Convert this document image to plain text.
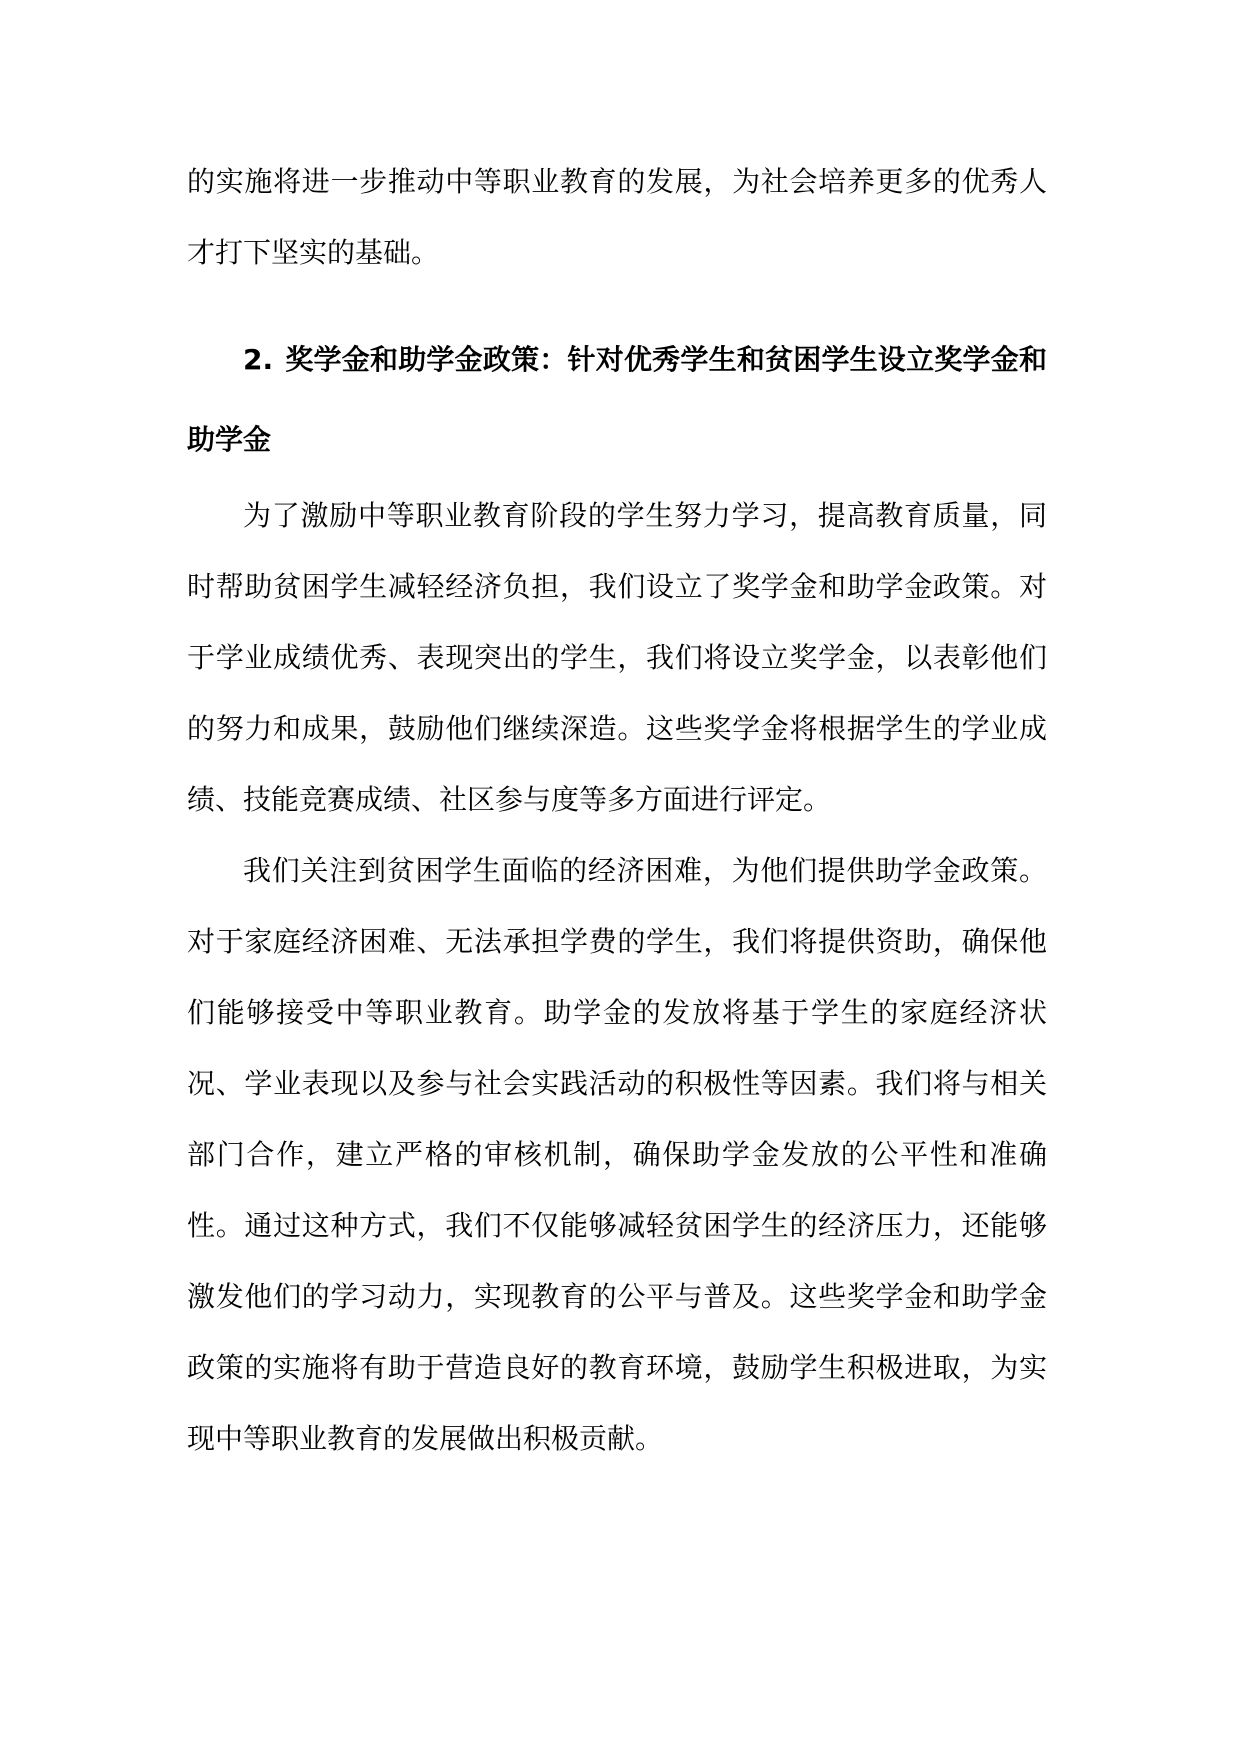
的实施将进一步推动中等职业教育的发展，为社会培养更多的优秀人才打下坚实的基础。

2. 奖学金和助学金政策：针对优秀学生和贫困学生设立奖学金和助学金

为了激励中等职业教育阶段的学生努力学习，提高教育质量，同时帮助贫困学生减轻经济负担，我们设立了奖学金和助学金政策。对于学业成绩优秀、表现突出的学生，我们将设立奖学金，以表彰他们的努力和成果，鼓励他们继续深造。这些奖学金将根据学生的学业成绩、技能竞赛成绩、社区参与度等多方面进行评定。

我们关注到贫困学生面临的经济困难，为他们提供助学金政策。对于家庭经济困难、无法承担学费的学生，我们将提供资助，确保他们能够接受中等职业教育。助学金的发放将基于学生的家庭经济状况、学业表现以及参与社会实践活动的积极性等因素。我们将与相关部门合作，建立严格的审核机制，确保助学金发放的公平性和准确性。通过这种方式，我们不仅能够减轻贫困学生的经济压力，还能够激发他们的学习动力，实现教育的公平与普及。这些奖学金和助学金政策的实施将有助于营造良好的教育环境，鼓励学生积极进取，为实现中等职业教育的发展做出积极贡献。
